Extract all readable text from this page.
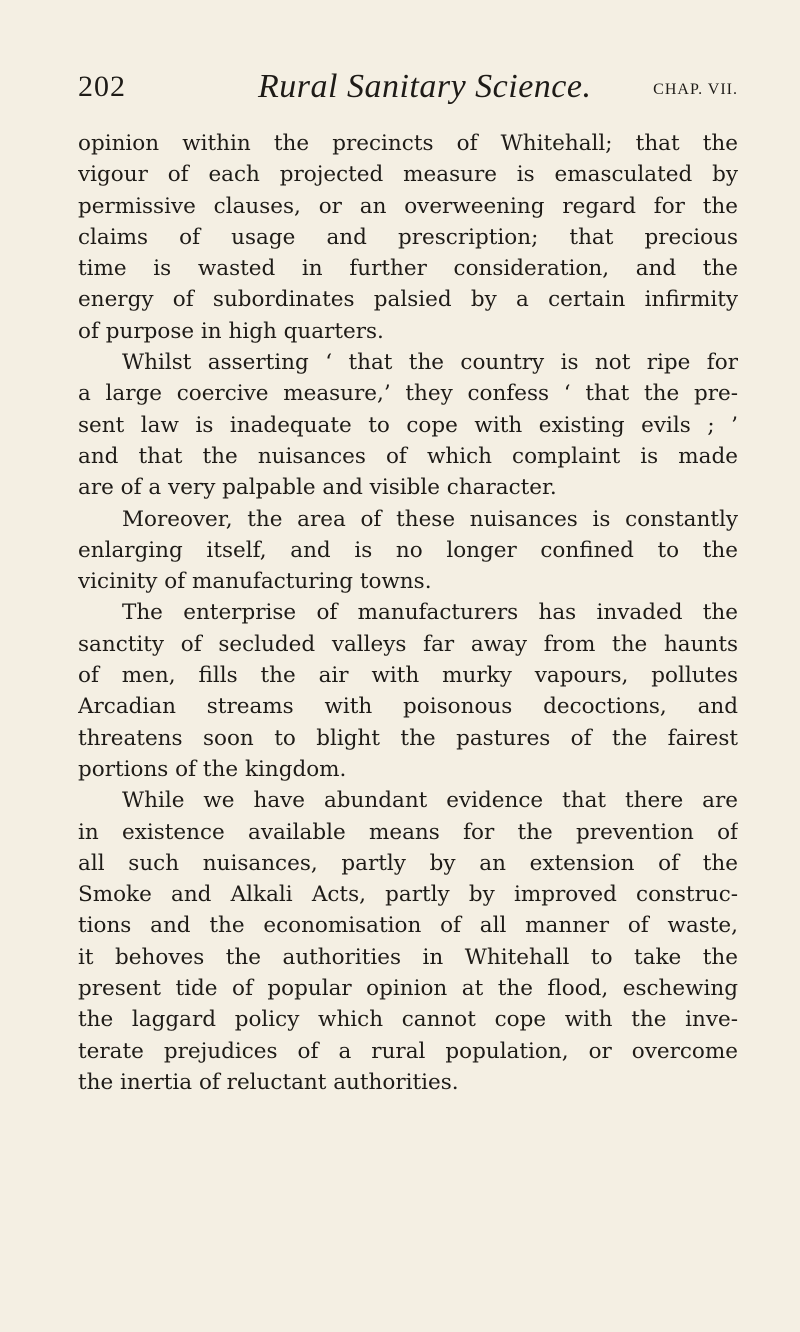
202	Rural Sanitary Science.	CHAP. VII.
opinion within the precincts of Whitehall; that the
vigour of each projected measure is emasculated by
permissive clauses, or an overweening regard for the
claims of usage and prescription; that precious
time is wasted in further consideration, and the
energy of subordinates palsied by a certain infirmity
of purpose in high quarters.
Whilst asserting ‘ that the country is not ripe for
a large coercive measure,’ they confess ‘ that the pre-
sent law is inadequate to cope with existing evils ; ’
and that the nuisances of which complaint is made
are of a very palpable and visible character.
Moreover, the area of these nuisances is constantly
enlarging itself, and is no longer confined to the
vicinity of manufacturing towns.
The enterprise of manufacturers has invaded the
sanctity of secluded valleys far away from the haunts
of men, fills the air with murky vapours, pollutes
Arcadian streams with poisonous decoctions, and
threatens soon to blight the pastures of the fairest
portions of the kingdom.
While we have abundant evidence that there are
in existence available means for the prevention of
all such nuisances, partly by an extension of the
Smoke and Alkali Acts, partly by improved construc-
tions and the economisation of all manner of waste,
it behoves the authorities in Whitehall to take the
present tide of popular opinion at the flood, eschewing
the laggard policy which cannot cope with the inve-
terate prejudices of a rural population, or overcome
the inertia of reluctant authorities.
